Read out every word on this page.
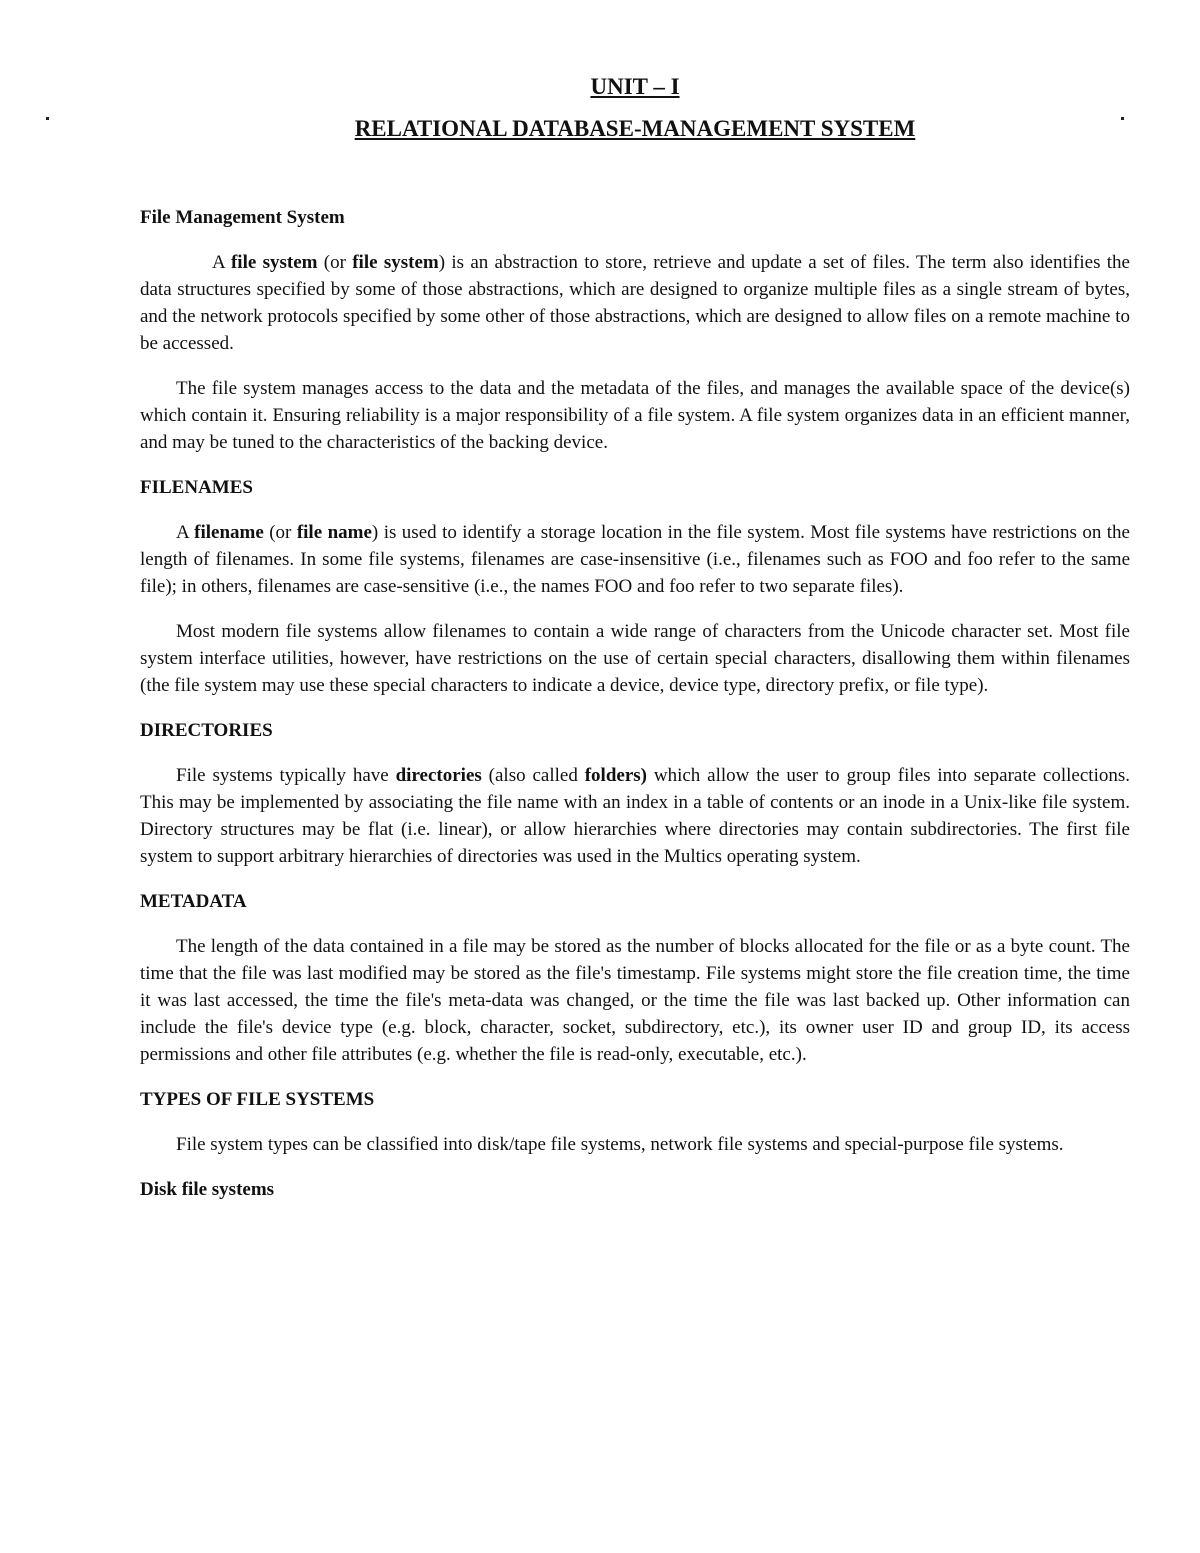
UNIT – I

RELATIONAL DATABASE-MANAGEMENT SYSTEM

File Management System

A file system (or file system) is an abstraction to store, retrieve and update a set of files. The term also identifies the data structures specified by some of those abstractions, which are designed to organize multiple files as a single stream of bytes, and the network protocols specified by some other of those abstractions, which are designed to allow files on a remote machine to be accessed.

The file system manages access to the data and the metadata of the files, and manages the available space of the device(s) which contain it. Ensuring reliability is a major responsibility of a file system. A file system organizes data in an efficient manner, and may be tuned to the characteristics of the backing device.

FILENAMES

A filename (or file name) is used to identify a storage location in the file system. Most file systems have restrictions on the length of filenames. In some file systems, filenames are case-insensitive (i.e., filenames such as FOO and foo refer to the same file); in others, filenames are case-sensitive (i.e., the names FOO and foo refer to two separate files).

Most modern file systems allow filenames to contain a wide range of characters from the Unicode character set. Most file system interface utilities, however, have restrictions on the use of certain special characters, disallowing them within filenames (the file system may use these special characters to indicate a device, device type, directory prefix, or file type).

DIRECTORIES

File systems typically have directories (also called folders) which allow the user to group files into separate collections. This may be implemented by associating the file name with an index in a table of contents or an inode in a Unix-like file system. Directory structures may be flat (i.e. linear), or allow hierarchies where directories may contain subdirectories. The first file system to support arbitrary hierarchies of directories was used in the Multics operating system.

METADATA

The length of the data contained in a file may be stored as the number of blocks allocated for the file or as a byte count. The time that the file was last modified may be stored as the file's timestamp. File systems might store the file creation time, the time it was last accessed, the time the file's meta-data was changed, or the time the file was last backed up. Other information can include the file's device type (e.g. block, character, socket, subdirectory, etc.), its owner user ID and group ID, its access permissions and other file attributes (e.g. whether the file is read-only, executable, etc.).

TYPES OF FILE SYSTEMS

File system types can be classified into disk/tape file systems, network file systems and special-purpose file systems.

Disk file systems
